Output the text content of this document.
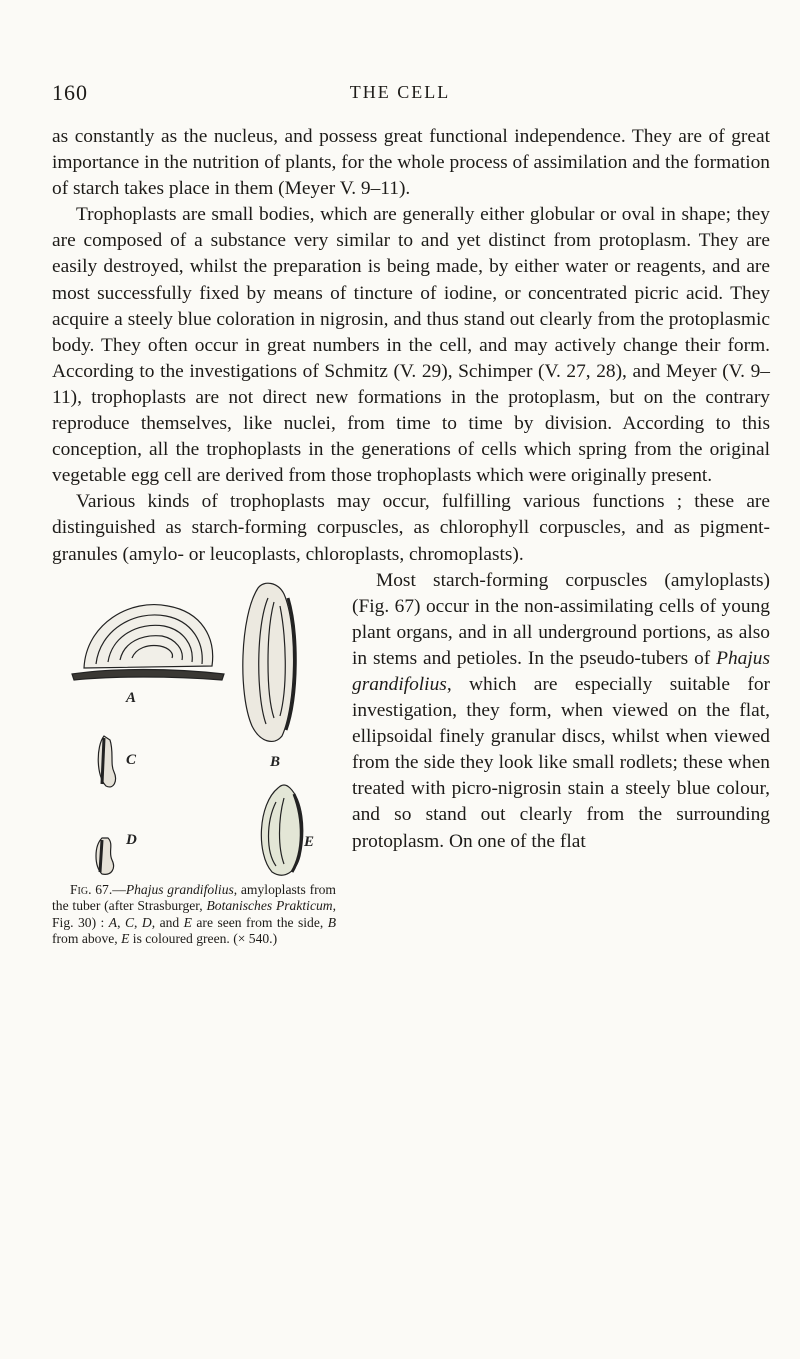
160	THE CELL

as constantly as the nucleus, and possess great functional independence. They are of great importance in the nutrition of plants, for the whole process of assimilation and the formation of starch takes place in them (Meyer V. 9–11).

Trophoplasts are small bodies, which are generally either globular or oval in shape; they are composed of a substance very similar to and yet distinct from protoplasm. They are easily destroyed, whilst the preparation is being made, by either water or reagents, and are most successfully fixed by means of tincture of iodine, or concentrated picric acid. They acquire a steely blue coloration in nigrosin, and thus stand out clearly from the protoplasmic body. They often occur in great numbers in the cell, and may actively change their form. According to the investigations of Schmitz (V. 29), Schimper (V. 27, 28), and Meyer (V. 9–11), trophoplasts are not direct new formations in the protoplasm, but on the contrary reproduce themselves, like nuclei, from time to time by division. According to this conception, all the trophoplasts in the generations of cells which spring from the original vegetable egg cell are derived from those trophoplasts which were originally present.

Various kinds of trophoplasts may occur, fulfilling various functions ; these are distinguished as starch-forming corpuscles, as chlorophyll corpuscles, and as pigment-granules (amylo- or leucoplasts, chloroplasts, chromoplasts).

A
B
C
D	E
Fig. 67.—Phajus grandifolius, amyloplasts from the tuber (after Strasburger, Botanisches Prakticum, Fig. 30) : A, C, D, and E are seen from the side, B from above, E is coloured green. (× 540.)

Most starch-forming corpuscles (amyloplasts) (Fig. 67) occur in the non-assimilating cells of young plant organs, and in all underground portions, as also in stems and petioles. In the pseudo-tubers of Phajus grandifolius, which are especially suitable for investigation, they form, when viewed on the flat, ellipsoidal finely granular discs, whilst when viewed from the side they look like small rodlets; these when treated with picro-nigrosin stain a steely blue colour, and so stand out clearly from the surrounding protoplasm. On one of the flat
